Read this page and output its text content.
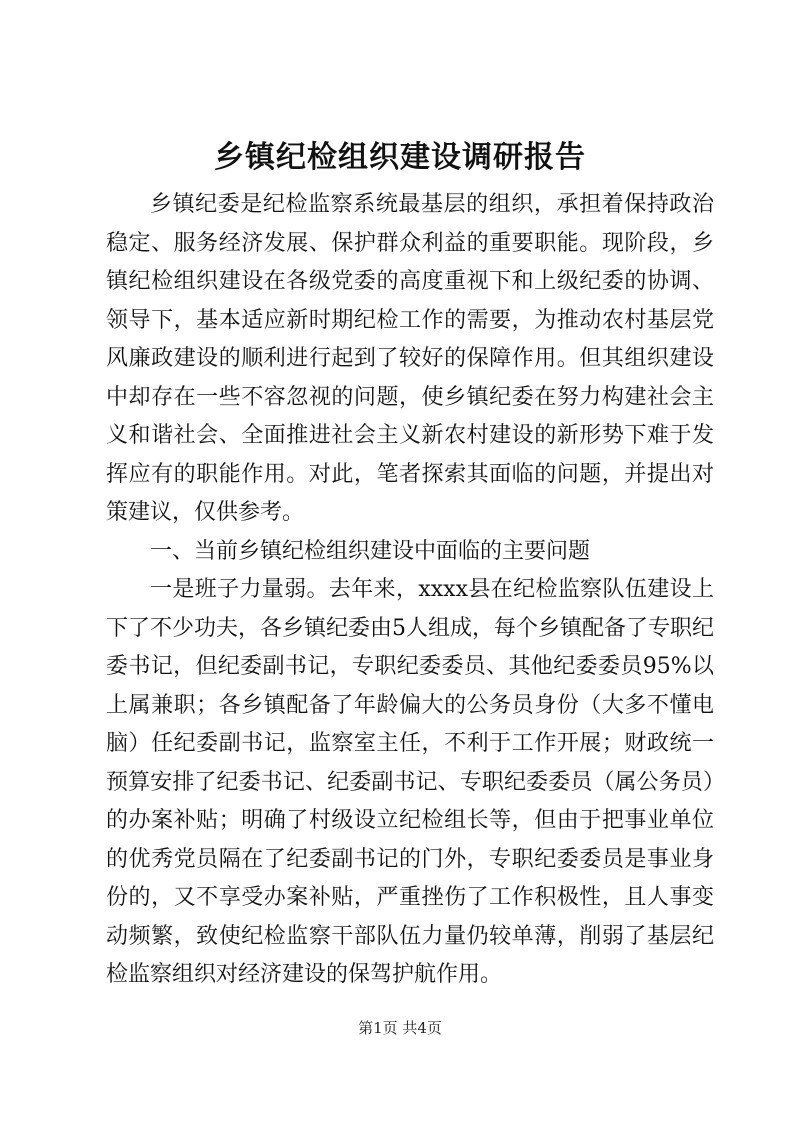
乡镇纪检组织建设调研报告

乡镇纪委是纪检监察系统最基层的组织，承担着保持政治稳定、服务经济发展、保护群众利益的重要职能。现阶段，乡镇纪检组织建设在各级党委的高度重视下和上级纪委的协调、领导下，基本适应新时期纪检工作的需要，为推动农村基层党风廉政建设的顺利进行起到了较好的保障作用。但其组织建设中却存在一些不容忽视的问题，使乡镇纪委在努力构建社会主义和谐社会、全面推进社会主义新农村建设的新形势下难于发挥应有的职能作用。对此，笔者探索其面临的问题，并提出对策建议，仅供参考。

一、当前乡镇纪检组织建设中面临的主要问题

一是班子力量弱。去年来，xxxx县在纪检监察队伍建设上下了不少功夫，各乡镇纪委由5人组成，每个乡镇配备了专职纪委书记，但纪委副书记，专职纪委委员、其他纪委委员95%以上属兼职；各乡镇配备了年龄偏大的公务员身份（大多不懂电脑）任纪委副书记，监察室主任，不利于工作开展；财政统一预算安排了纪委书记、纪委副书记、专职纪委委员（属公务员）的办案补贴；明确了村级设立纪检组长等，但由于把事业单位的优秀党员隔在了纪委副书记的门外，专职纪委委员是事业身份的，又不享受办案补贴，严重挫伤了工作积极性，且人事变动频繁，致使纪检监察干部队伍力量仍较单薄，削弱了基层纪检监察组织对经济建设的保驾护航作用。

第1页 共4页
